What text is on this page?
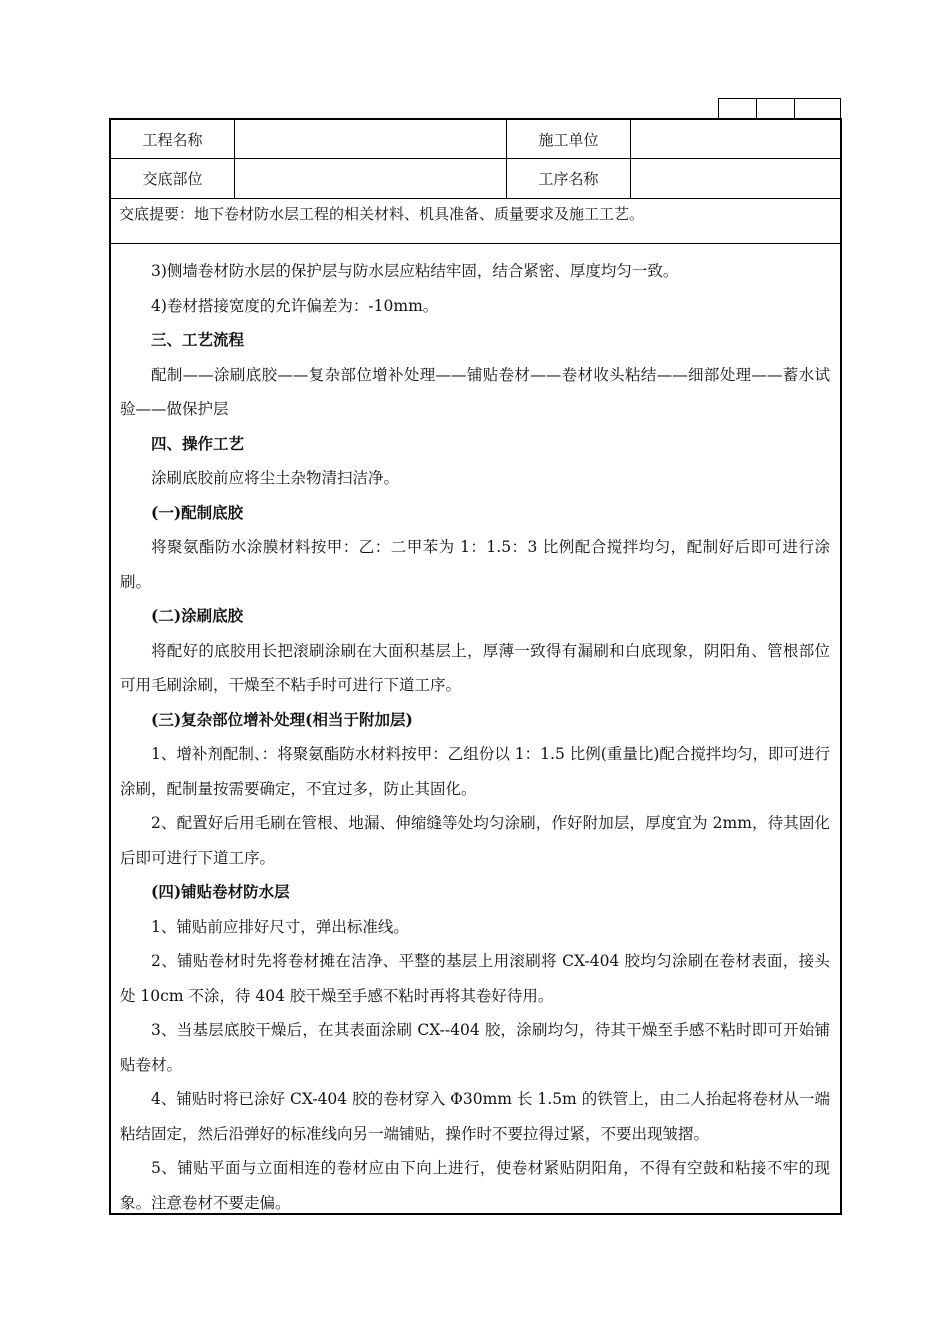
工程名称	施工单位
交底部位	工序名称
交底提要：地下卷材防水层工程的相关材料、机具准备、质量要求及施工工艺。

3)侧墙卷材防水层的保护层与防水层应粘结牢固，结合紧密、厚度均匀一致。

4)卷材搭接宽度的允许偏差为：-10mm。

三、工艺流程

配制——涂刷底胶——复杂部位增补处理——铺贴卷材——卷材收头粘结——细部处理——蓄水试验——做保护层

四、操作工艺

涂刷底胶前应将尘土杂物清扫洁净。

(一)配制底胶

将聚氨酯防水涂膜材料按甲：乙：二甲苯为 1：1.5：3 比例配合搅拌均匀，配制好后即可进行涂刷。

(二)涂刷底胶

将配好的底胶用长把滚刷涂刷在大面积基层上，厚薄一致得有漏刷和白底现象，阴阳角、管根部位可用毛刷涂刷，干燥至不粘手时可进行下道工序。

(三)复杂部位增补处理(相当于附加层)

1、增补剂配制、：将聚氨酯防水材料按甲：乙组份以 1：1.5 比例(重量比)配合搅拌均匀，即可进行涂刷，配制量按需要确定，不宜过多，防止其固化。

2、配置好后用毛刷在管根、地漏、伸缩缝等处均匀涂刷，作好附加层，厚度宜为 2mm，待其固化后即可进行下道工序。

(四)铺贴卷材防水层

1、铺贴前应排好尺寸，弹出标准线。

2、铺贴卷材时先将卷材摊在洁净、平整的基层上用滚刷将 CX-404 胶均匀涂刷在卷材表面，接头处 10cm 不涂，待 404 胶干燥至手感不粘时再将其卷好待用。

3、当基层底胶干燥后，在其表面涂刷 CX--404 胶，涂刷均匀，待其干燥至手感不粘时即可开始铺贴卷材。

4、铺贴时将已涂好 CX-404 胶的卷材穿入 Φ30mm 长 1.5m 的铁管上，由二人抬起将卷材从一端粘结固定，然后沿弹好的标准线向另一端铺贴，操作时不要拉得过紧，不要出现皱摺。

5、铺贴平面与立面相连的卷材应由下向上进行，使卷材紧贴阴阳角，不得有空鼓和粘接不牢的现象。注意卷材不要走偏。
